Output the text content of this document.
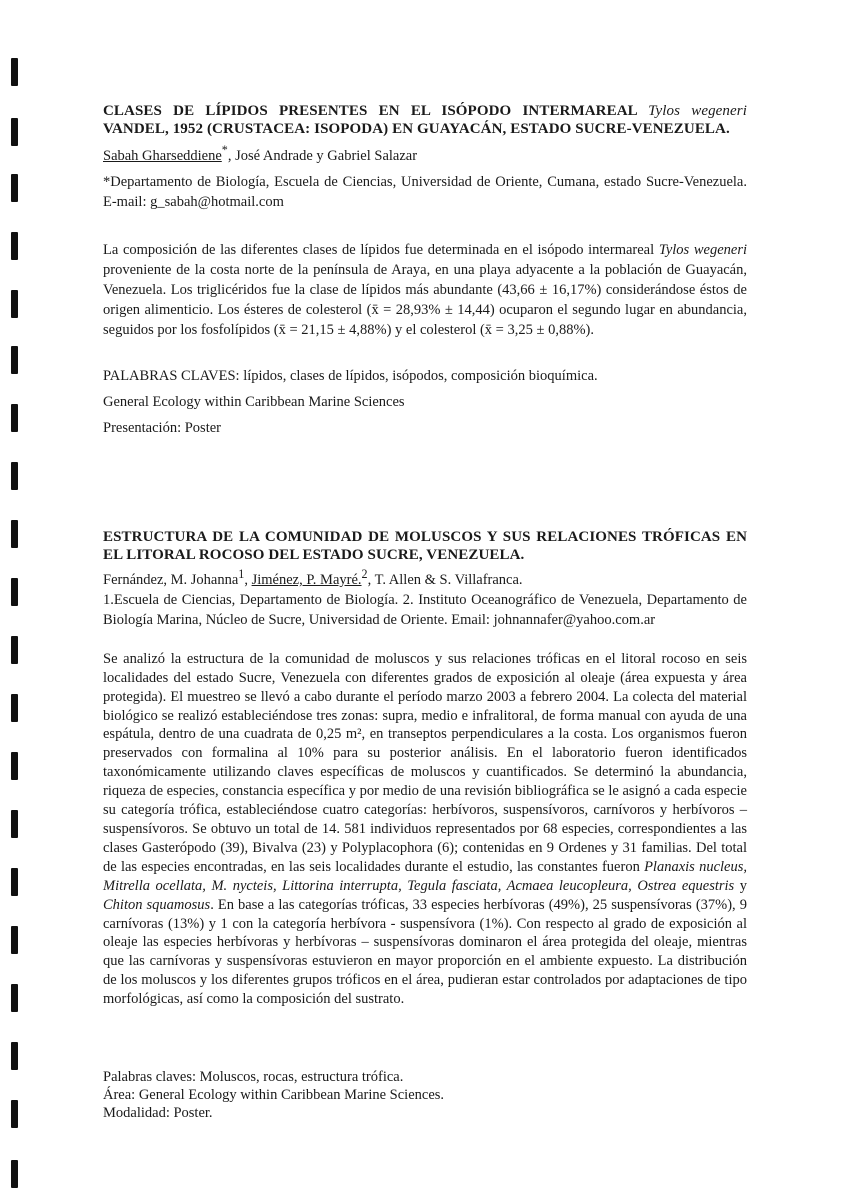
CLASES DE LÍPIDOS PRESENTES EN EL ISÓPODO INTERMAREAL Tylos wegeneri VANDEL, 1952 (CRUSTACEA: ISOPODA) EN GUAYACÁN, ESTADO SUCRE-VENEZUELA.

Sabah Gharseddiene*, José Andrade y Gabriel Salazar

*Departamento de Biología, Escuela de Ciencias, Universidad de Oriente, Cumana, estado Sucre-Venezuela. E-mail: g_sabah@hotmail.com

La composición de las diferentes clases de lípidos fue determinada en el isópodo intermareal Tylos wegeneri proveniente de la costa norte de la península de Araya, en una playa adyacente a la población de Guayacán, Venezuela. Los triglicéridos fue la clase de lípidos más abundante (43,66 ± 16,17%) considerándose éstos de origen alimenticio. Los ésteres de colesterol (x̄ = 28,93% ± 14,44) ocuparon el segundo lugar en abundancia, seguidos por los fosfolípidos (x̄ = 21,15 ± 4,88%) y el colesterol (x̄ = 3,25 ± 0,88%).

PALABRAS CLAVES: lípidos, clases de lípidos, isópodos, composición bioquímica.

General Ecology within Caribbean Marine Sciences

Presentación: Poster

ESTRUCTURA DE LA COMUNIDAD DE MOLUSCOS Y SUS RELACIONES TRÓFICAS EN EL LITORAL ROCOSO DEL ESTADO SUCRE, VENEZUELA.

Fernández, M. Johanna$^1$, Jiménez, P. Mayré.$^2$, T. Allen & S. Villafranca.

1.Escuela de Ciencias, Departamento de Biología. 2. Instituto Oceanográfico de Venezuela, Departamento de Biología Marina, Núcleo de Sucre, Universidad de Oriente. Email: johnannafer@yahoo.com.ar

Se analizó la estructura de la comunidad de moluscos y sus relaciones tróficas en el litoral rocoso en seis localidades del estado Sucre, Venezuela con diferentes grados de exposición al oleaje (área expuesta y área protegida). El muestreo se llevó a cabo durante el período marzo 2003 a febrero 2004. La colecta del material biológico se realizó estableciéndose tres zonas: supra, medio e infralitoral, de forma manual con ayuda de una espátula, dentro de una cuadrata de 0,25 m², en transeptos perpendiculares a la costa. Los organismos fueron preservados con formalina al 10% para su posterior análisis. En el laboratorio fueron identificados taxonómicamente utilizando claves específicas de moluscos y cuantificados. Se determinó la abundancia, riqueza de especies, constancia específica y por medio de una revisión bibliográfica se le asignó a cada especie su categoría trófica, estableciéndose cuatro categorías: herbívoros, suspensívoros, carnívoros y herbívoros – suspensívoros. Se obtuvo un total de 14. 581 individuos representados por 68 especies, correspondientes a las clases Gasterópodo (39), Bivalva (23) y Polyplacophora (6); contenidas en 9 Ordenes y 31 familias. Del total de las especies encontradas, en las seis localidades durante el estudio, las constantes fueron Planaxis nucleus, Mitrella ocellata, M. nycteis, Littorina interrupta, Tegula fasciata, Acmaea leucopleura, Ostrea equestris y Chiton squamosus. En base a las categorías tróficas, 33 especies herbívoras (49%), 25 suspensívoras (37%), 9 carnívoras (13%) y 1 con la categoría herbívora - suspensívora (1%). Con respecto al grado de exposición al oleaje las especies herbívoras y herbívoras – suspensívoras dominaron el área protegida del oleaje, mientras que las carnívoras y suspensívoras estuvieron en mayor proporción en el ambiente expuesto. La distribución de los moluscos y los diferentes grupos tróficos en el área, pudieran estar controlados por adaptaciones de tipo morfológicas, así como la composición del sustrato.

Palabras claves: Moluscos, rocas, estructura trófica.

Área: General Ecology within Caribbean Marine Sciences.

Modalidad: Poster.
